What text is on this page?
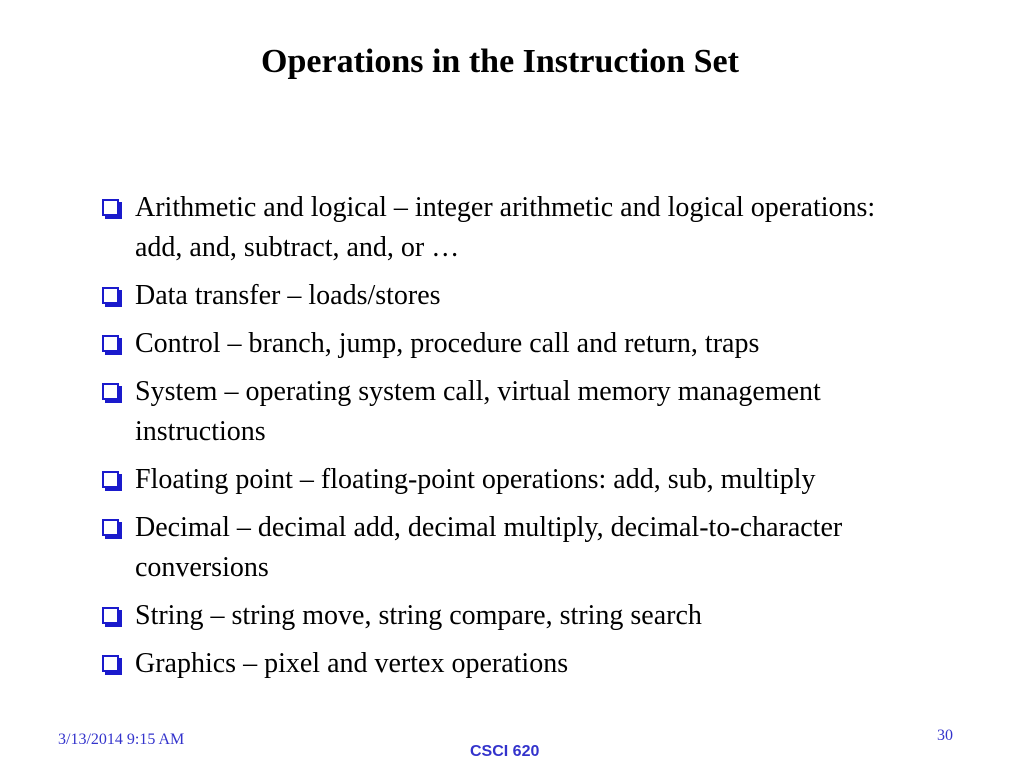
Operations in the Instruction Set
Arithmetic and logical – integer arithmetic and logical operations: add, and, subtract, and, or …
Data transfer – loads/stores
Control – branch, jump, procedure call and return, traps
System – operating system call, virtual memory management instructions
Floating point – floating-point operations: add, sub, multiply
Decimal – decimal add, decimal multiply, decimal-to-character conversions
String – string move, string compare, string search
Graphics – pixel and vertex operations
3/13/2014 9:15 AM
CSCI 620
30
